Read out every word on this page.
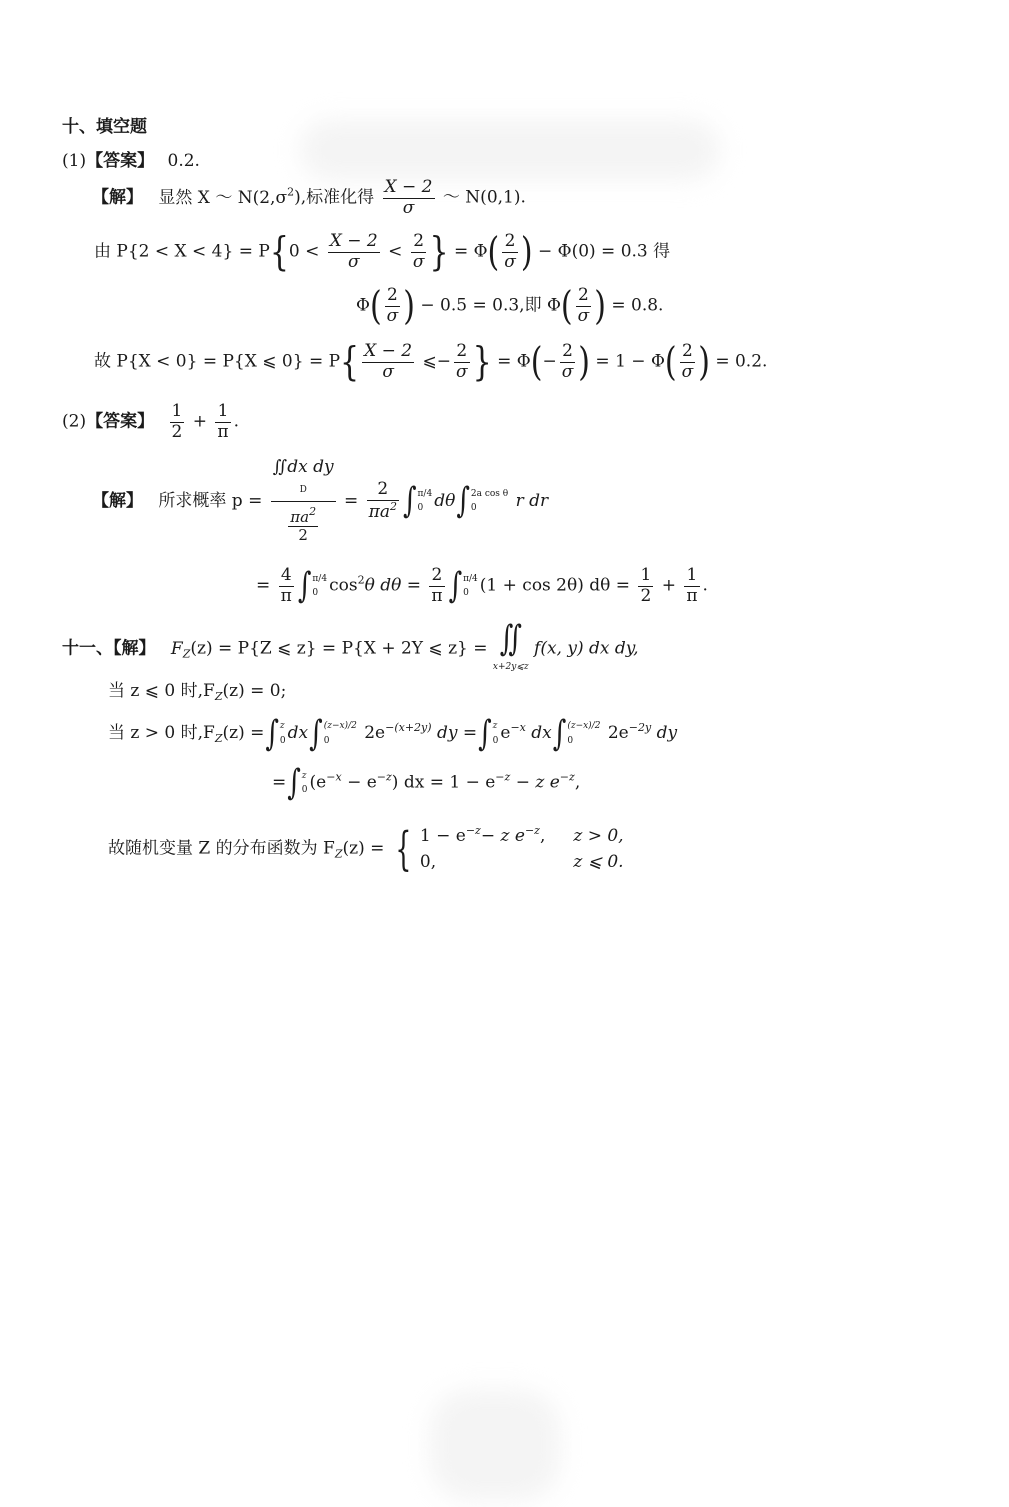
十、填空题
(1)【答案】 0.2.
【解】 显然 X ～ $N(2,\sigma^2)$,标准化得 $\frac{X - 2}{\sigma}$ ～ N(0,1).
由 $P\{2 < X < 4\} = P\{0 < \frac{X - 2}{\sigma} < \frac{2}{\sigma}$ } = $\Phi( \frac{2}{\sigma}$ ) − Φ(0) = 0.3 得
$\Phi( \frac{2}{\sigma}$ ) − 0.5 = 0.3,即 $\Phi( \frac{2}{\sigma}$ ) = 0.8.
故 P{X < 0} = P{X ⩽ $0\} = P\{ \frac{X - 2}{\sigma}$ ⩽− $\frac{2}{\sigma}$ } = $\Phi(- \frac{2}{\sigma}$ ) = $1 - \Phi( \frac{2}{\sigma}$ ) = 0.2.
(2)【答案】 $\frac{1}{2} + \frac{1}{\pi}$ .
【解】 所求概率 p =
∬dx dy
D
$\frac{\pi a^2}{2}$
= $\frac{2}{\pi a^2}$ ∫ π/4
0 dθ∫ 2a cos θ
0	r dr
= $\frac{4}{\pi}$ ∫ π/4
0 $\cos^2\theta$ $d\theta = \frac{2}{\pi}$ ∫ π/4
0 (1 + cos 2θ) $d\theta = \frac{1}{2} + \frac{1}{\pi}$ .
十一、【解】 $F_Z(z) = P\{Z$ ⩽ z} = P{X + 2Y ⩽ z} = ∬
x+2y⩽z f(x, y) dx dy,
当 z ⩽ 0 时$,F_Z(z) = 0$;
当 z > 0 时$,F_Z(z)$ =∫ z
0 dx∫ (z−x)/2
0	$2e^{-(x+2y)}$ dy =∫ z
0 $e^{-x}$ dx∫ (z−x)/2
0	$2e^{-2y}$ dy
=∫ z
0 $(e^{-x} - e^{-z})$ dx = $1 - e^{-z} - z$ $e^{-z}$,
故随机变量 Z 的分布函数为 $F_Z(z)$ = { $1 - e^{-z}- z$ $e^{-z}$,	z > 0,
0,	z ⩽ 0.
